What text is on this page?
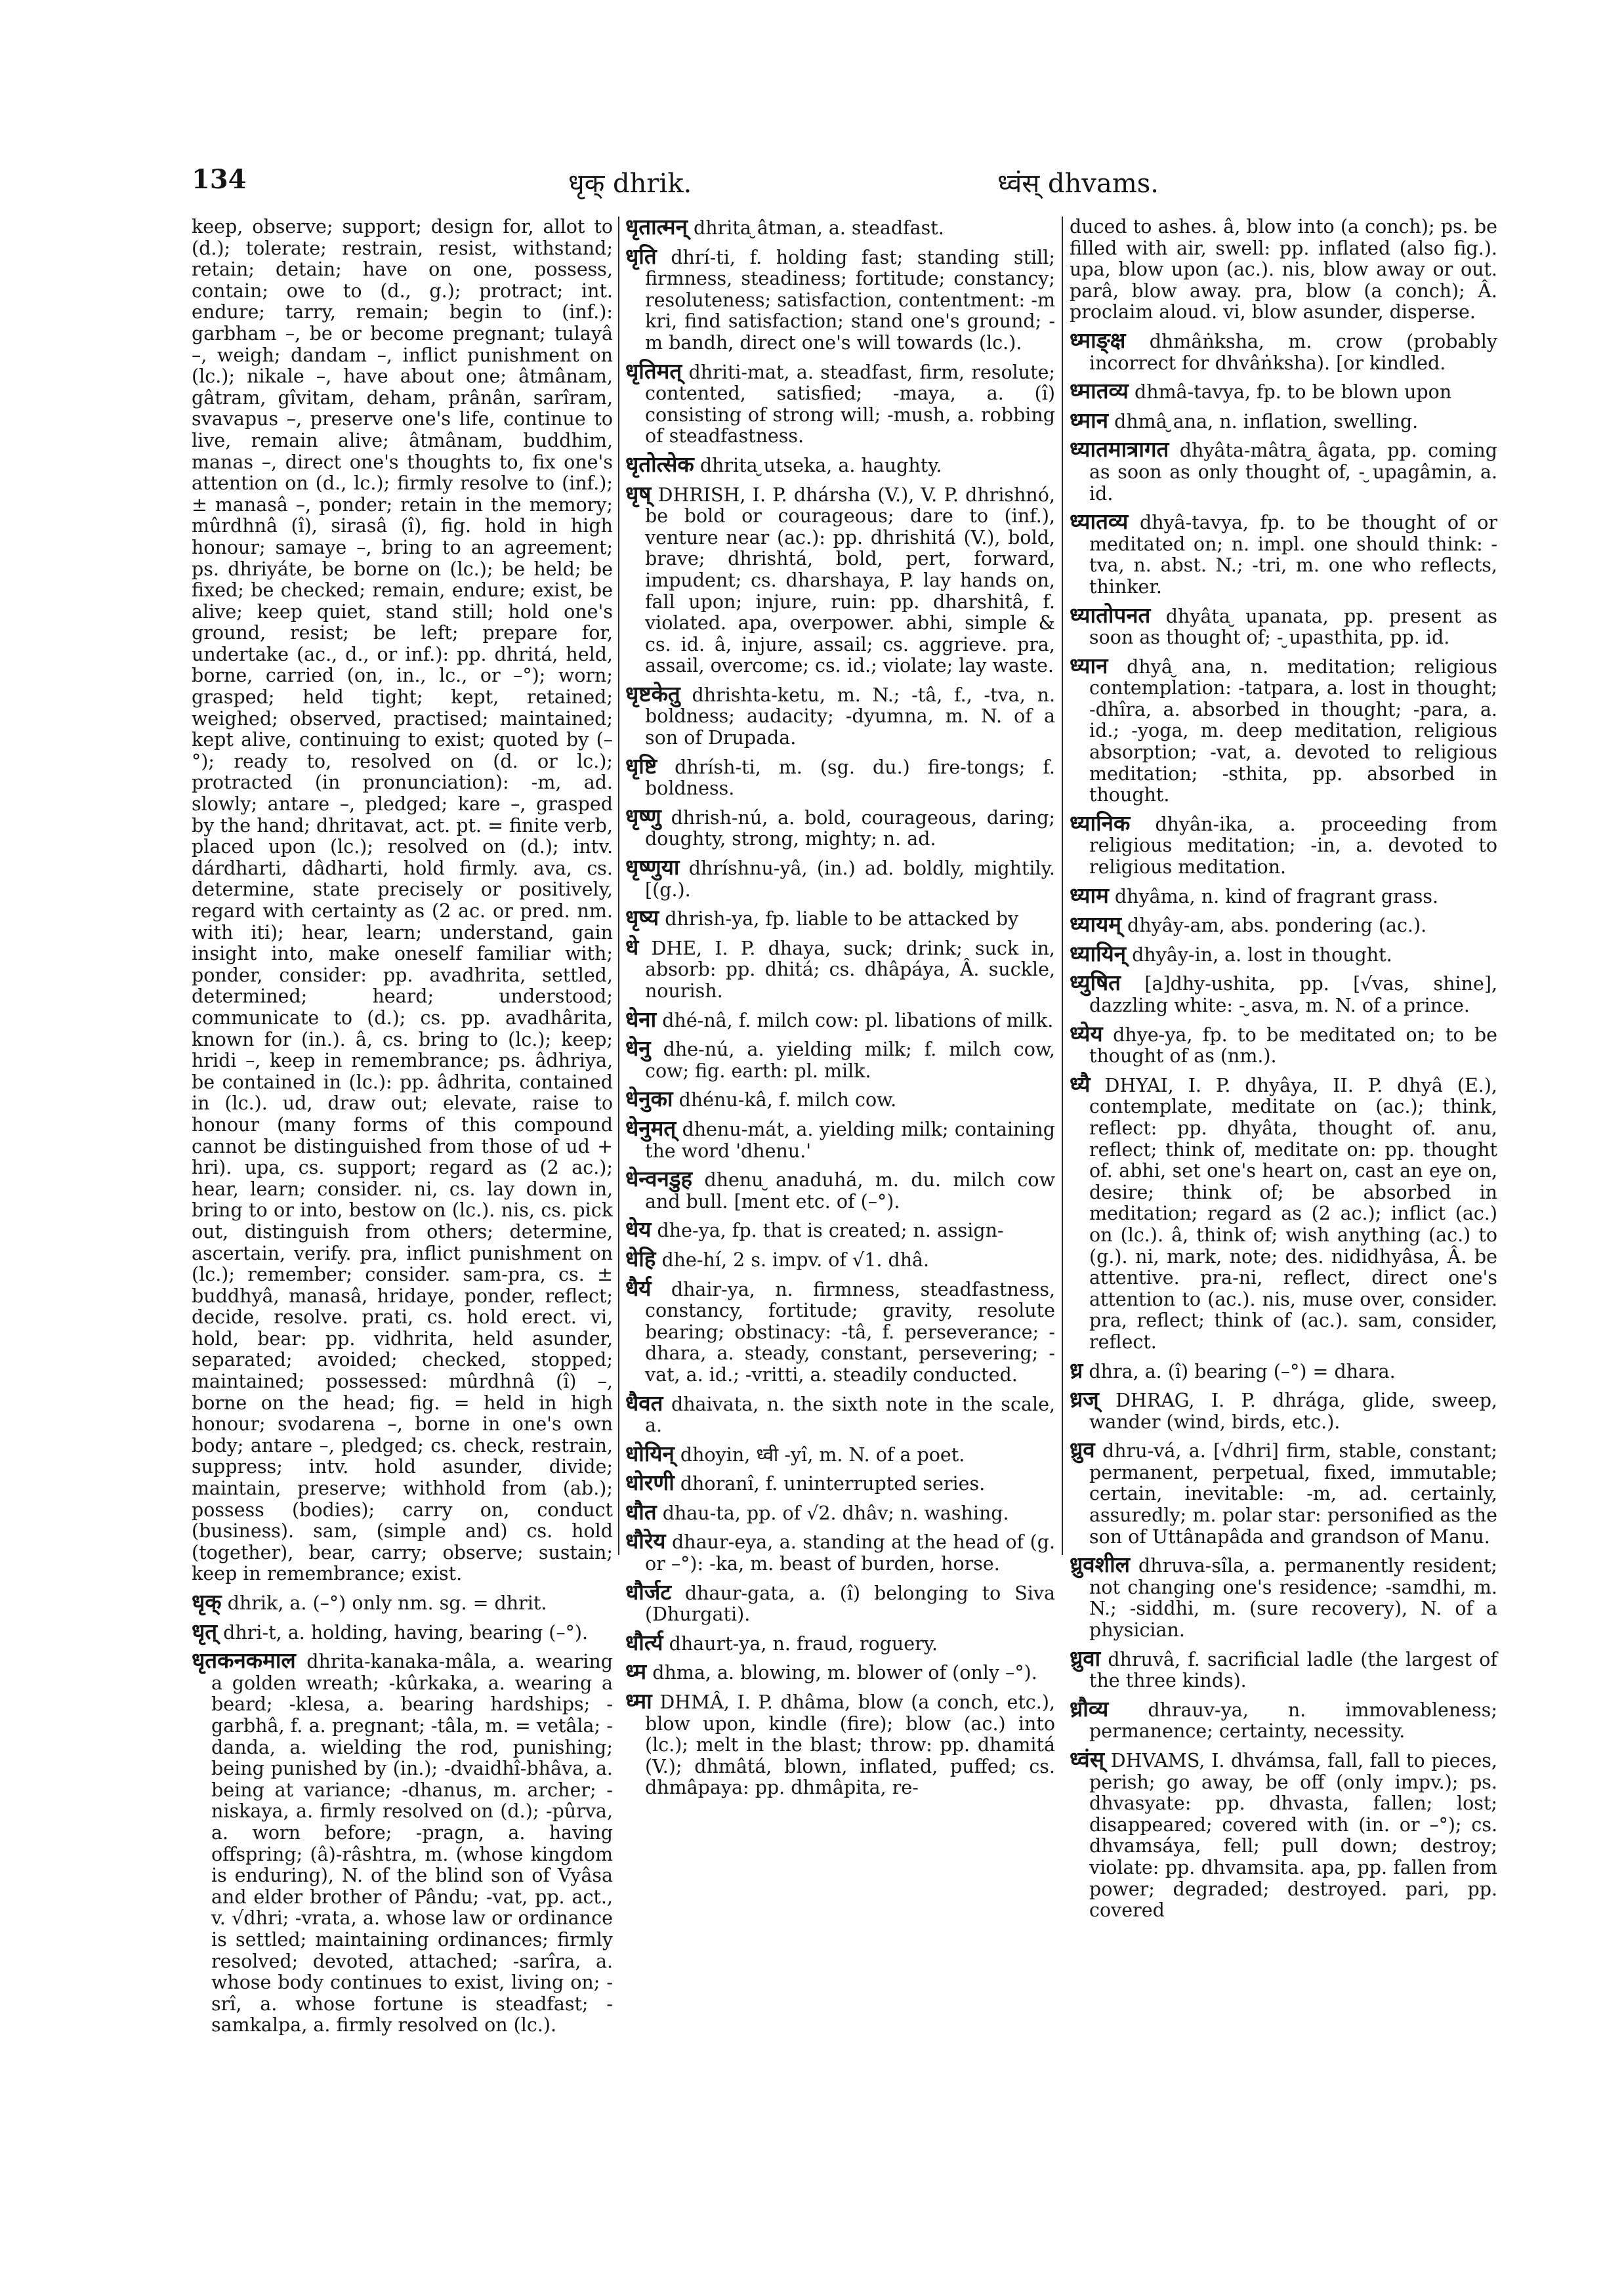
134	धृक् dhrik.	ध्वंस् dhvams.

keep, observe; support; design for, allot to (d.); tolerate; restrain, resist, withstand; retain; detain; have on one, possess, contain; owe to (d., g.); protract; int. endure; tarry, remain; begin to (inf.): garbham –, be or become pregnant; tulayâ –, weigh; dandam –, inflict punishment on (lc.); nikale –, have about one; âtmânam, gâtram, gîvitam, deham, prânân, sarîram, svavapus –, preserve one's life, continue to live, remain alive; âtmânam, buddhim, manas –, direct one's thoughts to, fix one's attention on (d., lc.); firmly resolve to (inf.); ± manasâ –, ponder; retain in the memory; mûrdhnâ (î), sirasâ (î), fig. hold in high honour; samaye –, bring to an agreement; ps. dhriyáte, be borne on (lc.); be held; be fixed; be checked; remain, endure; exist, be alive; keep quiet, stand still; hold one's ground, resist; be left; prepare for, undertake (ac., d., or inf.): pp. dhritá, held, borne, carried (on, in., lc., or –°); worn; grasped; held tight; kept, retained; weighed; observed, practised; maintained; kept alive, continuing to exist; quoted by (–°); ready to, resolved on (d. or lc.); protracted (in pronunciation): -m, ad. slowly; antare –, pledged; kare –, grasped by the hand; dhritavat, act. pt. = finite verb, placed upon (lc.); resolved on (d.); intv. dárdharti, dâdharti, hold firmly. ava, cs. determine, state precisely or positively, regard with certainty as (2 ac. or pred. nm. with iti); hear, learn; understand, gain insight into, make oneself familiar with; ponder, consider: pp. avadhrita, settled, determined; heard; understood; communicate to (d.); cs. pp. avadhârita, known for (in.). â, cs. bring to (lc.); keep; hridi –, keep in remembrance; ps. âdhriya, be contained in (lc.): pp. âdhrita, contained in (lc.). ud, draw out; elevate, raise to honour (many forms of this compound cannot be distinguished from those of ud + hri). upa, cs. support; regard as (2 ac.); hear, learn; consider. ni, cs. lay down in, bring to or into, bestow on (lc.). nis, cs. pick out, distinguish from others; determine, ascertain, verify. pra, inflict punishment on (lc.); remember; consider. sam-pra, cs. ± buddhyâ, manasâ, hridaye, ponder, reflect; decide, resolve. prati, cs. hold erect. vi, hold, bear: pp. vidhrita, held asunder, separated; avoided; checked, stopped; maintained; possessed: mûrdhnâ (î) –, borne on the head; fig. = held in high honour; svodarena –, borne in one's own body; antare –, pledged; cs. check, restrain, suppress; intv. hold asunder, divide; maintain, preserve; withhold from (ab.); possess (bodies); carry on, conduct (business). sam, (simple and) cs. hold (together), bear, carry; observe; sustain; keep in remembrance; exist.

धृक् dhrik, a. (–°) only nm. sg. = dhrit.

धृत् dhri-t, a. holding, having, bearing (–°).

धृतकनकमाल dhrita-kanaka-mâla, a. wearing a golden wreath; -kûrkaka, a. wearing a beard; -klesa, a. bearing hardships; -garbhâ, f. a. pregnant; -tâla, m. = vetâla; -danda, a. wielding the rod, punishing; being punished by (in.); -dvaidhî-bhâva, a. being at variance; -dhanus, m. archer; -niskaya, a. firmly resolved on (d.); -pûrva, a. worn before; -pragn, a. having offspring; (â)-râshtra, m. (whose kingdom is enduring), N. of the blind son of Vyâsa and elder brother of Pându; -vat, pp. act., v. √dhri; -vrata, a. whose law or ordinance is settled; maintaining ordinances; firmly resolved; devoted, attached; -sarîra, a. whose body continues to exist, living on; -srî, a. whose fortune is steadfast; -samkalpa, a. firmly resolved on (lc.).

धृतात्मन् dhrita ̮âtman, a. steadfast.

धृति dhrí-ti, f. holding fast; standing still; firmness, steadiness; fortitude; constancy; resoluteness; satisfaction, contentment: -m kri, find satisfaction; stand one's ground; -m bandh, direct one's will towards (lc.).

धृतिमत् dhriti-mat, a. steadfast, firm, resolute; contented, satisfied; -maya, a. (î) consisting of strong will; -mush, a. robbing of steadfastness.

धृतोत्सेक dhrita ̮utseka, a. haughty.

धृष् DHRISH, I. P. dhársha (V.), V. P. dhrishnó, be bold or courageous; dare to (inf.), venture near (ac.): pp. dhrishitá (V.), bold, brave; dhrishtá, bold, pert, forward, impudent; cs. dharshaya, P. lay hands on, fall upon; injure, ruin: pp. dharshitâ, f. violated. apa, overpower. abhi, simple & cs. id. â, injure, assail; cs. aggrieve. pra, assail, overcome; cs. id.; violate; lay waste.

धृष्टकेतु dhrishta-ketu, m. N.; -tâ, f., -tva, n. boldness; audacity; -dyumna, m. N. of a son of Drupada.

धृष्टि dhrísh-ti, m. (sg. du.) fire-tongs; f. boldness.

धृष्णु dhrish-nú, a. bold, courageous, daring; doughty, strong, mighty; n. ad.

धृष्णुया dhríshnu-yâ, (in.) ad. boldly, mightily. [(g.).

धृष्य dhrish-ya, fp. liable to be attacked by

धे DHE, I. P. dhaya, suck; drink; suck in, absorb: pp. dhitá; cs. dhâpáya, Â. suckle, nourish.

धेना dhé-nâ, f. milch cow: pl. libations of milk.

धेनु dhe-nú, a. yielding milk; f. milch cow, cow; fig. earth: pl. milk.

धेनुका dhénu-kâ, f. milch cow.

धेनुमत् dhenu-mát, a. yielding milk; containing the word 'dhenu.'

धेन्वनडुह dhenu ̮anaduhá, m. du. milch cow and bull. [ment etc. of (–°).

धेय dhe-ya, fp. that is created; n. assign-

धेहि dhe-hí, 2 s. impv. of √1. dhâ.

धैर्य dhair-ya, n. firmness, steadfastness, constancy, fortitude; gravity, resolute bearing; obstinacy: -tâ, f. perseverance; -dhara, a. steady, constant, persevering; -vat, a. id.; -vritti, a. steadily conducted.

धैवत dhaivata, n. the sixth note in the scale, a.

धोयिन् dhoyin, ध्वी -yî, m. N. of a poet.

धोरणी dhoranî, f. uninterrupted series.

धौत dhau-ta, pp. of √2. dhâv; n. washing.

धौरेय dhaur-eya, a. standing at the head of (g. or –°): -ka, m. beast of burden, horse.

धौर्जट dhaur-gata, a. (î) belonging to Siva (Dhurgati).

धौर्त्य dhaurt-ya, n. fraud, roguery.

ध्म dhma, a. blowing, m. blower of (only –°).

ध्मा DHMÂ, I. P. dhâma, blow (a conch, etc.), blow upon, kindle (fire); blow (ac.) into (lc.); melt in the blast; throw: pp. dhamitá (V.); dhmâtá, blown, inflated, puffed; cs. dhmâpaya: pp. dhmâpita, re-

duced to ashes. â, blow into (a conch); ps. be filled with air, swell: pp. inflated (also fig.). upa, blow upon (ac.). nis, blow away or out. parâ, blow away. pra, blow (a conch); Â. proclaim aloud. vi, blow asunder, disperse.

ध्माङ्क्ष dhmâṅksha, m. crow (probably incorrect for dhvâṅksha). [or kindled.

ध्मातव्य dhmâ-tavya, fp. to be blown upon

ध्मान dhmâ ̮ana, n. inflation, swelling.

ध्यातमात्रागत dhyâta-mâtra ̮âgata, pp. coming as soon as only thought of, - ̮upagâmin, a. id.

ध्यातव्य dhyâ-tavya, fp. to be thought of or meditated on; n. impl. one should think: -tva, n. abst. N.; -tri, m. one who reflects, thinker.

ध्यातोपनत dhyâta ̮upanata, pp. present as soon as thought of; - ̮upasthita, pp. id.

ध्यान dhyâ ̮ana, n. meditation; religious contemplation: -tatpara, a. lost in thought; -dhîra, a. absorbed in thought; -para, a. id.; -yoga, m. deep meditation, religious absorption; -vat, a. devoted to religious meditation; -sthita, pp. absorbed in thought.

ध्यानिक dhyân-ika, a. proceeding from religious meditation; -in, a. devoted to religious meditation.

ध्याम dhyâma, n. kind of fragrant grass.

ध्यायम् dhyây-am, abs. pondering (ac.).

ध्यायिन् dhyây-in, a. lost in thought.

ध्युषित [a]dhy-ushita, pp. [√vas, shine], dazzling white: - ̮asva, m. N. of a prince.

ध्येय dhye-ya, fp. to be meditated on; to be thought of as (nm.).

ध्यै DHYAI, I. P. dhyâya, II. P. dhyâ (E.), contemplate, meditate on (ac.); think, reflect: pp. dhyâta, thought of. anu, reflect; think of, meditate on: pp. thought of. abhi, set one's heart on, cast an eye on, desire; think of; be absorbed in meditation; regard as (2 ac.); inflict (ac.) on (lc.). â, think of; wish anything (ac.) to (g.). ni, mark, note; des. nididhyâsa, Â. be attentive. pra-ni, reflect, direct one's attention to (ac.). nis, muse over, consider. pra, reflect; think of (ac.). sam, consider, reflect.

ध्र dhra, a. (î) bearing (–°) = dhara.

ध्रज् DHRAG, I. P. dhrága, glide, sweep, wander (wind, birds, etc.).

ध्रुव dhru-vá, a. [√dhri] firm, stable, constant; permanent, perpetual, fixed, immutable; certain, inevitable: -m, ad. certainly, assuredly; m. polar star: personified as the son of Uttânapâda and grandson of Manu.

ध्रुवशील dhruva-sîla, a. permanently resident; not changing one's residence; -samdhi, m. N.; -siddhi, m. (sure recovery), N. of a physician.

ध्रुवा dhruvâ, f. sacrificial ladle (the largest of the three kinds).

ध्रौव्य dhrauv-ya, n. immovableness; permanence; certainty, necessity.

ध्वंस् DHVAMS, I. dhvámsa, fall, fall to pieces, perish; go away, be off (only impv.); ps. dhvasyate: pp. dhvasta, fallen; lost; disappeared; covered with (in. or –°); cs. dhvamsáya, fell; pull down; destroy; violate: pp. dhvamsita. apa, pp. fallen from power; degraded; destroyed. pari, pp. covered
